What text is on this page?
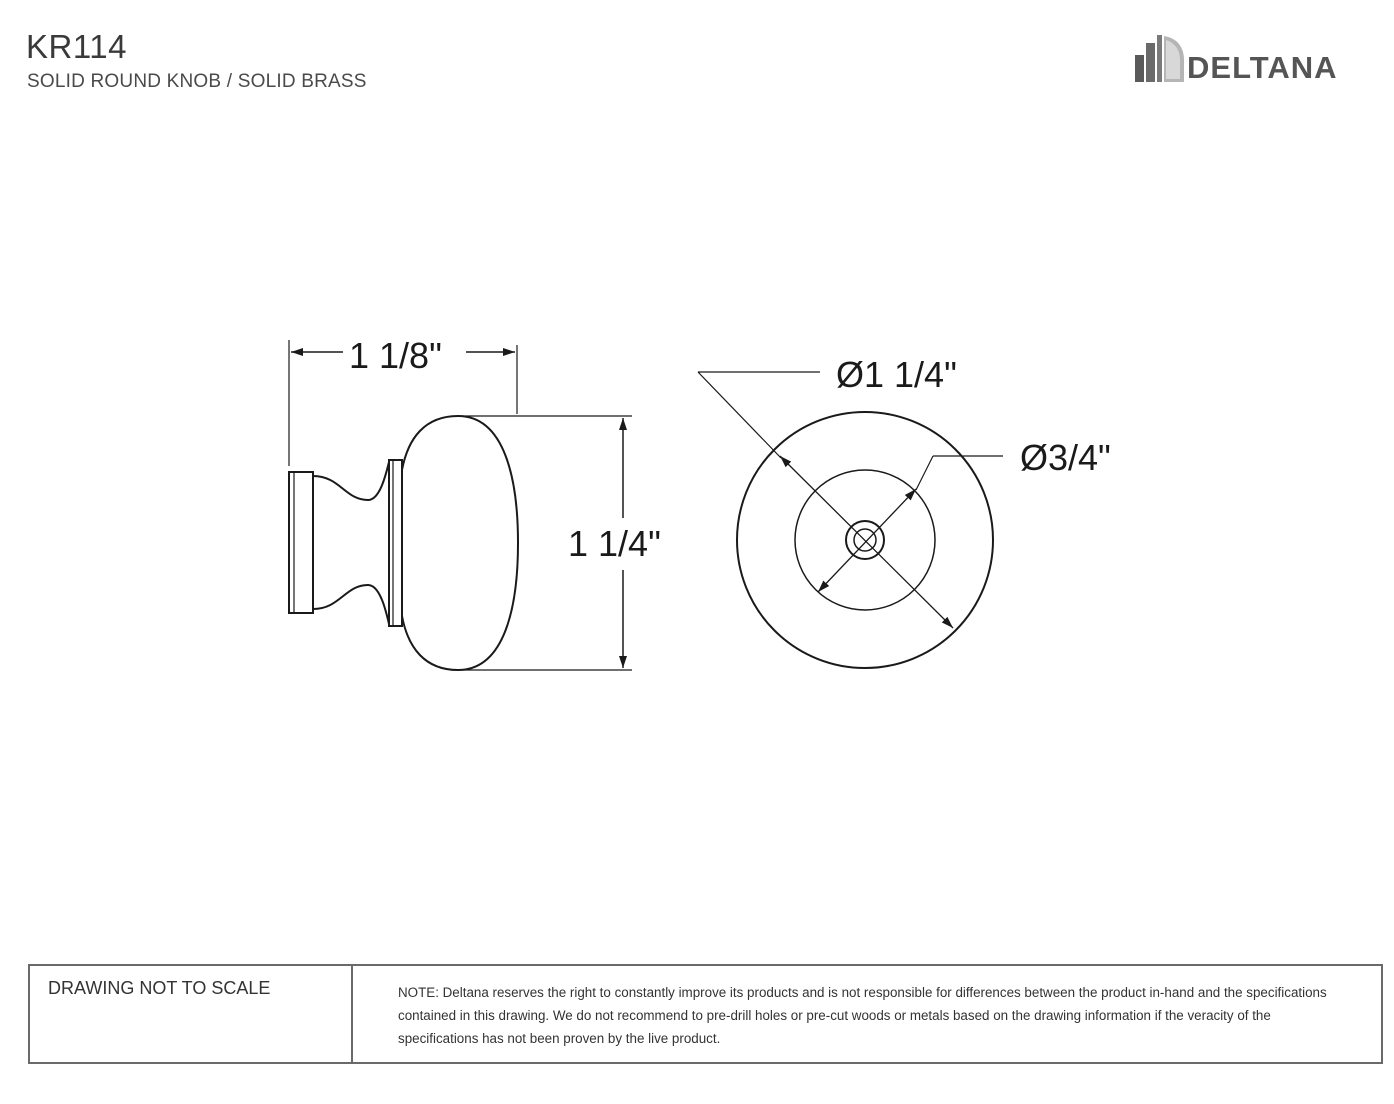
KR114
SOLID ROUND KNOB / SOLID BRASS	DELTANA
1 1/8"
1 1/4"
Ø1 1/4"
Ø3/4"
DRAWING NOT TO SCALE	NOTE: Deltana reserves the right to constantly improve its products and is not responsible for differences between the product in-hand and the specifications contained in this drawing. We do not recommend to pre-drill holes or pre-cut woods or metals based on the drawing information if the veracity of the specifications has not been proven by the live product.
